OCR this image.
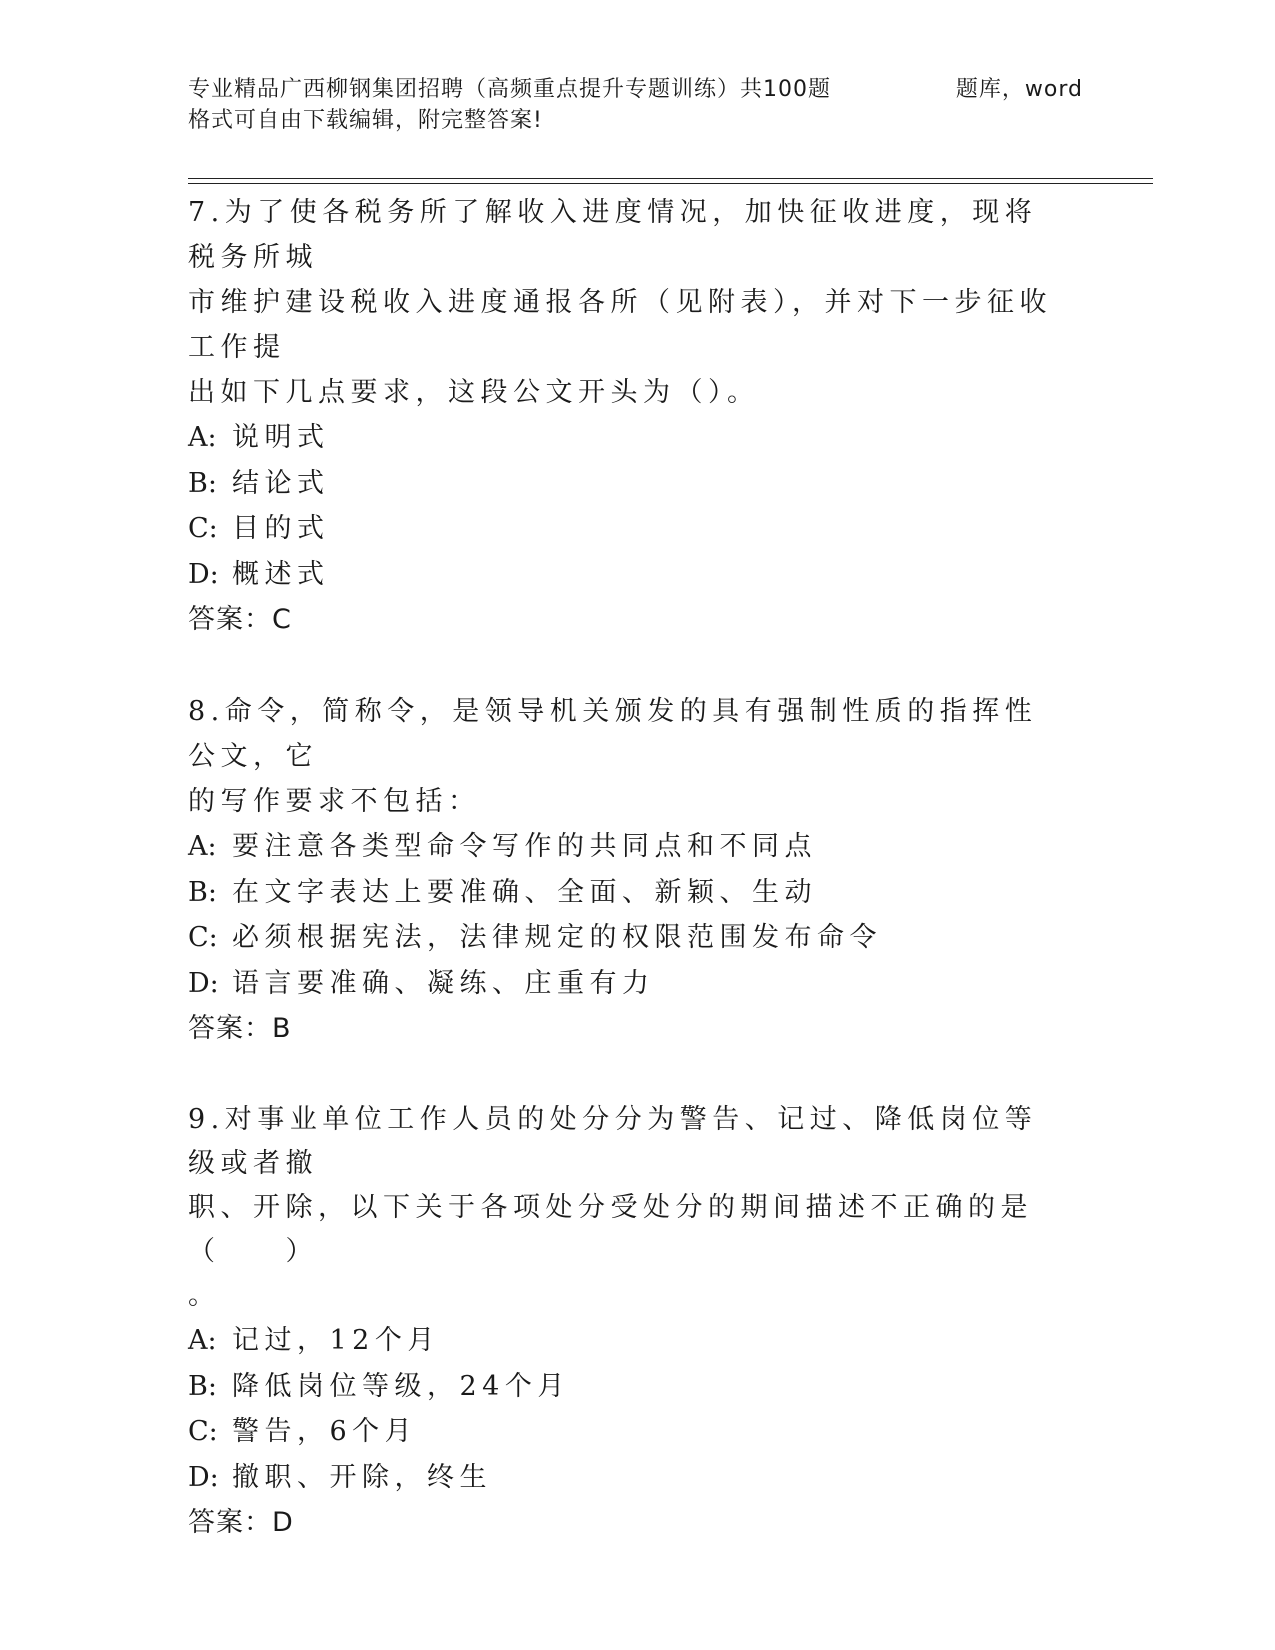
专业精品广西柳钢集团招聘（高频重点提升专题训练）共100题	题库，word
格式可自由下载编辑，附完整答案!

7.为了使各税务所了解收入进度情况，加快征收进度，现将税务所城

市维护建设税收入进度通报各所（见附表），并对下一步征收工作提

出如下几点要求，这段公文开头为（）。

A: 说明式
B: 结论式
C: 目的式
D: 概述式
答案：C

8.命令，简称令，是领导机关颁发的具有强制性质的指挥性公文，它

的写作要求不包括：

A: 要注意各类型命令写作的共同点和不同点
B: 在文字表达上要准确、全面、新颖、生动
C: 必须根据宪法，法律规定的权限范围发布命令
D: 语言要准确、凝练、庄重有力
答案：B

9.对事业单位工作人员的处分分为警告、记过、降低岗位等级或者撤

职、开除，以下关于各项处分受处分的期间描述不正确的是（　　）

。

A: 记过，12个月
B: 降低岗位等级，24个月
C: 警告，6个月
D: 撤职、开除，终生
答案：D
